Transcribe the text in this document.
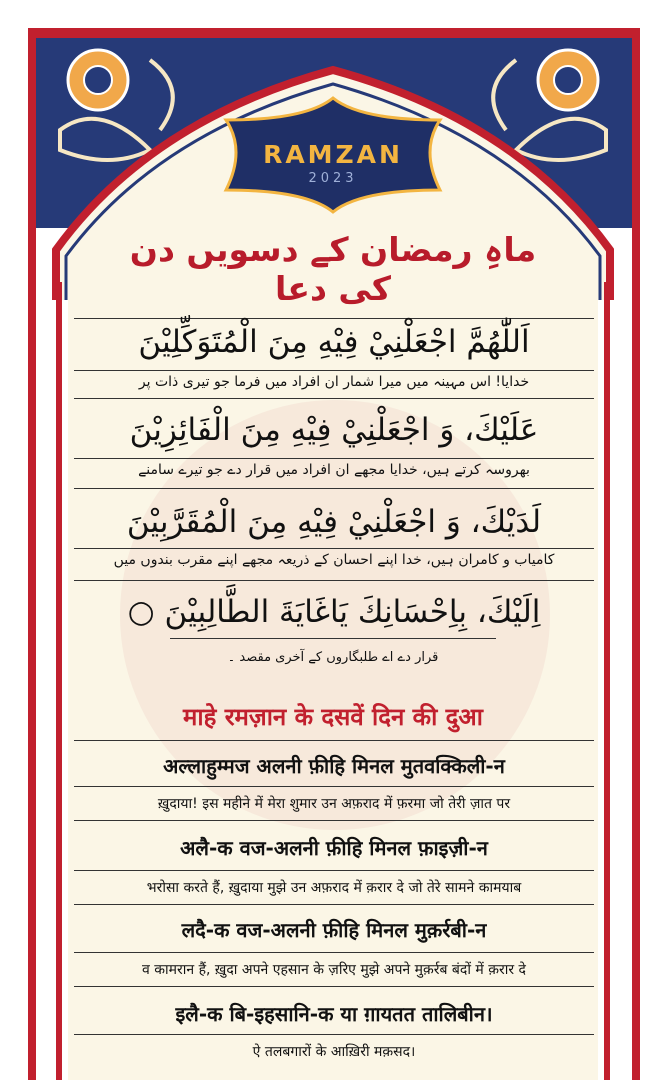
RAMZAN
2023
ماہِ رمضان کے دسویں دن کی دعا
اَللّٰهُمَّ اجْعَلْنِيْ فِيْهِ مِنَ الْمُتَوَكِّلِيْنَ
خدایا! اس مہینہ میں میرا شمار ان افراد میں فرما جو تیری ذات پر
عَلَيْكَ، وَ اجْعَلْنِيْ فِيْهِ مِنَ الْفَائِزِيْنَ
بھروسہ کرتے ہیں، خدایا مجھے ان افراد میں قرار دے جو تیرے سامنے
لَدَيْكَ، وَ اجْعَلْنِيْ فِيْهِ مِنَ الْمُقَرَّبِيْنَ
کامیاب و کامران ہیں، خدا اپنے احسان کے ذریعہ مجھے اپنے مقرب بندوں میں
اِلَيْكَ، بِاِحْسَانِكَ يَاغَايَةَ الطَّالِبِيْنَ ○
قرار دے اے طلبگاروں کے آخری مقصد ۔
माहे रमज़ान के दसवें दिन की दुआ
अल्लाहुम्मज अलनी फ़ीहि मिनल मुतवक्किली-न
ख़ुदाया! इस महीने में मेरा शुमार उन अफ़राद में फ़रमा जो तेरी ज़ात पर
अलै-क वज-अलनी फ़ीहि मिनल फ़ाइज़ी-न
भरोसा करते हैं, ख़ुदाया मुझे उन अफ़राद में क़रार दे जो तेरे सामने कामयाब
लदै-क वज-अलनी फ़ीहि मिनल मुक़र्रबी-न
व कामरान हैं, ख़ुदा अपने एहसान के ज़रिए मुझे अपने मुक़र्रब बंदों में क़रार दे
इलै-क बि-इहसानि-क या ग़ायतत तालिबीन।
ऐ तलबगारों के आख़िरी मक़सद।
